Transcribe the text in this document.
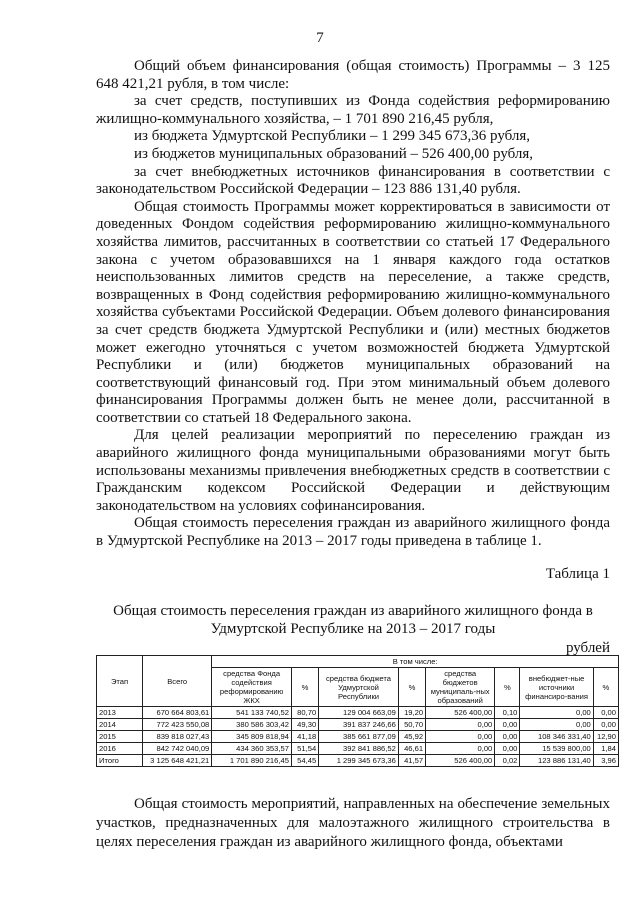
7

Общий объем финансирования (общая стоимость) Программы – 3 125 648 421,21 рубля, в том числе:

за счет средств, поступивших из Фонда содействия реформированию жилищно-коммунального хозяйства, – 1 701 890 216,45 рубля,

из бюджета Удмуртской Республики – 1 299 345 673,36 рубля,

из бюджетов муниципальных образований – 526 400,00 рубля,

за счет внебюджетных источников финансирования в соответствии с законодательством Российской Федерации – 123 886 131,40 рубля.

Общая стоимость Программы может корректироваться в зависимости от доведенных Фондом содействия реформированию жилищно-коммунального хозяйства лимитов, рассчитанных в соответствии со статьей 17 Федерального закона с учетом образовавшихся на 1 января каждого года остатков неиспользованных лимитов средств на переселение, а также средств, возвращенных в Фонд содействия реформированию жилищно-коммунального хозяйства субъектами Российской Федерации. Объем долевого финансирования за счет средств бюджета Удмуртской Республики и (или) местных бюджетов может ежегодно уточняться с учетом возможностей бюджета Удмуртской Республики и (или) бюджетов муниципальных образований на соответствующий финансовый год. При этом минимальный объем долевого финансирования Программы должен быть не менее доли, рассчитанной в соответствии со статьей 18 Федерального закона.

Для целей реализации мероприятий по переселению граждан из аварийного жилищного фонда муниципальными образованиями могут быть использованы механизмы привлечения внебюджетных средств в соответствии с Гражданским кодексом Российской Федерации и действующим законодательством на условиях софинансирования.

Общая стоимость переселения граждан из аварийного жилищного фонда в Удмуртской Республике на 2013 – 2017 годы приведена в таблице 1.

Таблица 1
Общая стоимость переселения граждан из аварийного жилищного фонда в Удмуртской Республике на 2013 – 2017 годы
рублей
Этап	Всего	В том числе:							
		средства Фонда содействия реформированию ЖКХ	%	средства бюджета Удмуртской Республики	%	средства бюджетов муниципаль-ных образований	%	внебюджет-ные источники финансиро-вания	%
2013	670 664 803,61	541 133 740,52	80,70	129 004 663,09	19,20	526 400,00	0,10	0,00	0,00
2014	772 423 550,08	380 586 303,42	49,30	391 837 246,66	50,70	0,00	0,00	0,00	0,00
2015	839 818 027,43	345 809 818,94	41,18	385 661 877,09	45,92	0,00	0,00	108 346 331,40	12,90
2016	842 742 040,09	434 360 353,57	51,54	392 841 886,52	46,61	0,00	0,00	15 539 800,00	1,84
Итого	3 125 648 421,21	1 701 890 216,45	54,45	1 299 345 673,36	41,57	526 400,00	0,02	123 886 131,40	3,96

Общая стоимость мероприятий, направленных на обеспечение земельных участков, предназначенных для малоэтажного жилищного строительства в целях переселения граждан из аварийного жилищного фонда, объектами
